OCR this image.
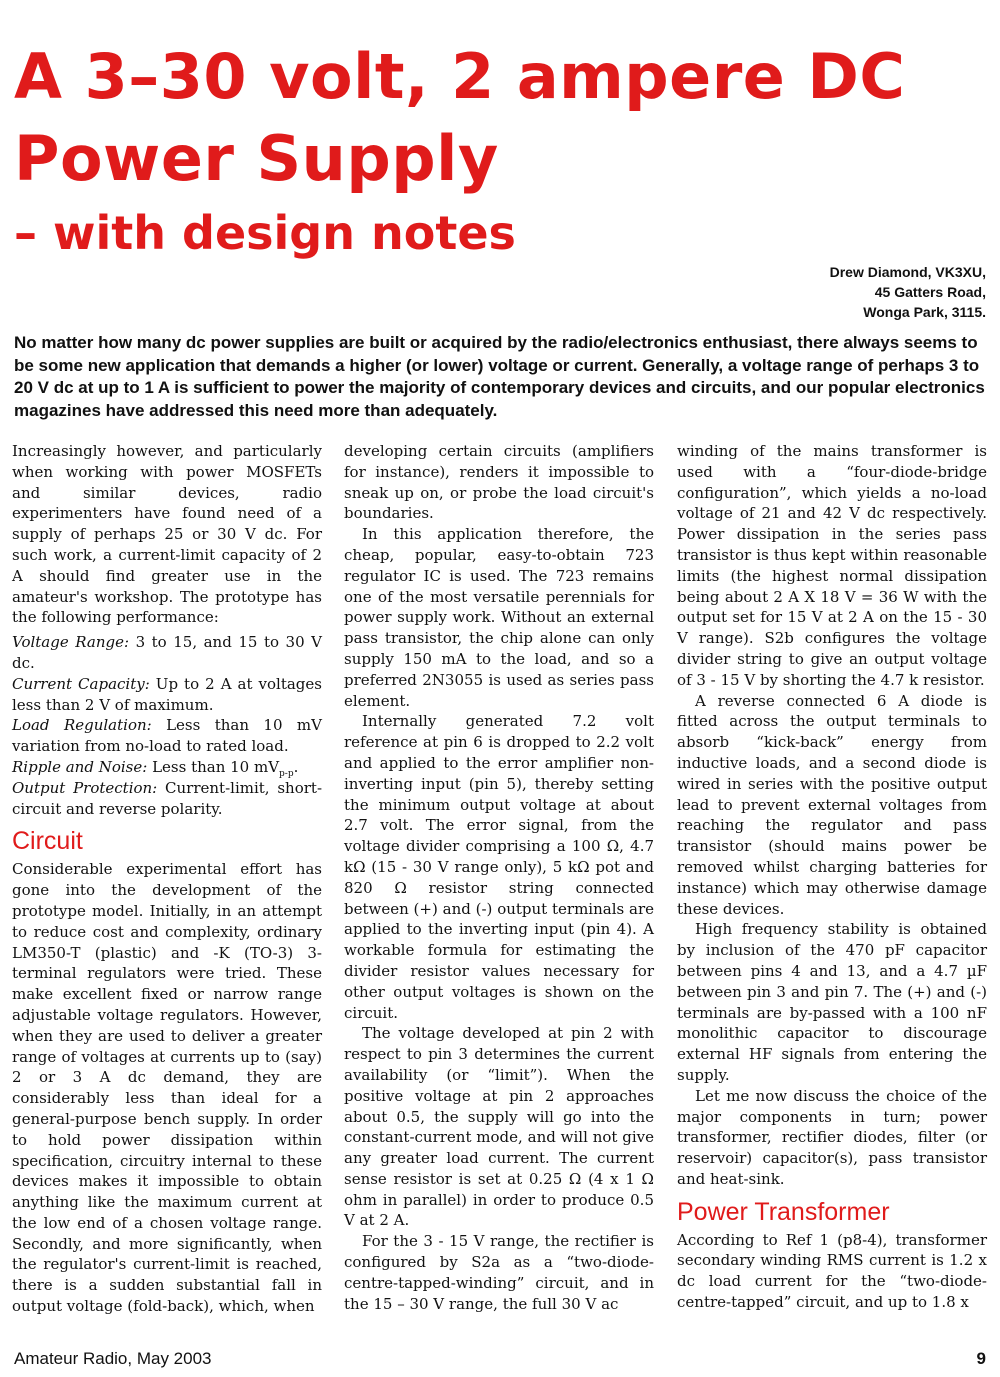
A 3–30 volt, 2 ampere DC Power Supply
– with design notes
Drew Diamond, VK3XU,
45 Gatters Road,
Wonga Park, 3115.

No matter how many dc power supplies are built or acquired by the radio/electronics enthusiast, there always seems to be some new application that demands a higher (or lower) voltage or current. Generally, a voltage range of perhaps 3 to 20 V dc at up to 1 A is sufficient to power the majority of contemporary devices and circuits, and our popular electronics magazines have addressed this need more than adequately.

Increasingly however, and particularly when working with power MOSFETs and similar devices, radio experimenters have found need of a supply of perhaps 25 or 30 V dc. For such work, a current-limit capacity of 2 A should find greater use in the amateur's workshop. The prototype has the following performance:

Voltage Range: 3 to 15, and 15 to 30 V dc.

Current Capacity: Up to 2 A at voltages less than 2 V of maximum.

Load Regulation: Less than 10 mV variation from no-load to rated load.

Ripple and Noise: Less than 10 $mV_{p-p}$.

Output Protection: Current-limit, short-circuit and reverse polarity.

Circuit

Considerable experimental effort has gone into the development of the prototype model. Initially, in an attempt to reduce cost and complexity, ordinary LM350-T (plastic) and -K (TO-3) 3-terminal regulators were tried. These make excellent fixed or narrow range adjustable voltage regulators. However, when they are used to deliver a greater range of voltages at currents up to (say) 2 or 3 A dc demand, they are considerably less than ideal for a general-purpose bench supply. In order to hold power dissipation within specification, circuitry internal to these devices makes it impossible to obtain anything like the maximum current at the low end of a chosen voltage range. Secondly, and more significantly, when the regulator's current-limit is reached, there is a sudden substantial fall in output voltage (fold-back), which, when

developing certain circuits (amplifiers for instance), renders it impossible to sneak up on, or probe the load circuit's boundaries.

In this application therefore, the cheap, popular, easy-to-obtain 723 regulator IC is used. The 723 remains one of the most versatile perennials for power supply work. Without an external pass transistor, the chip alone can only supply 150 mA to the load, and so a preferred 2N3055 is used as series pass element.

Internally generated 7.2 volt reference at pin 6 is dropped to 2.2 volt and applied to the error amplifier non-inverting input (pin 5), thereby setting the minimum output voltage at about 2.7 volt. The error signal, from the voltage divider comprising a 100 Ω, 4.7 kΩ (15 - 30 V range only), 5 kΩ pot and 820 Ω resistor string connected between (+) and (-) output terminals are applied to the inverting input (pin 4). A workable formula for estimating the divider resistor values necessary for other output voltages is shown on the circuit.

The voltage developed at pin 2 with respect to pin 3 determines the current availability (or “limit”). When the positive voltage at pin 2 approaches about 0.5, the supply will go into the constant-current mode, and will not give any greater load current. The current sense resistor is set at 0.25 Ω (4 x 1 Ω ohm in parallel) in order to produce 0.5 V at 2 A.

For the 3 - 15 V range, the rectifier is configured by S2a as a “two-diode-centre-tapped-winding” circuit, and in the 15 – 30 V range, the full 30 V ac

winding of the mains transformer is used with a “four-diode-bridge configuration”, which yields a no-load voltage of 21 and 42 V dc respectively. Power dissipation in the series pass transistor is thus kept within reasonable limits (the highest normal dissipation being about 2 A X 18 V = 36 W with the output set for 15 V at 2 A on the 15 - 30 V range). S2b configures the voltage divider string to give an output voltage of 3 - 15 V by shorting the 4.7 k resistor.

A reverse connected 6 A diode is fitted across the output terminals to absorb “kick-back” energy from inductive loads, and a second diode is wired in series with the positive output lead to prevent external voltages from reaching the regulator and pass transistor (should mains power be removed whilst charging batteries for instance) which may otherwise damage these devices.

High frequency stability is obtained by inclusion of the 470 pF capacitor between pins 4 and 13, and a 4.7 µF between pin 3 and pin 7. The (+) and (-) terminals are by-passed with a 100 nF monolithic capacitor to discourage external HF signals from entering the supply.

Let me now discuss the choice of the major components in turn; power transformer, rectifier diodes, filter (or reservoir) capacitor(s), pass transistor and heat-sink.

Power Transformer

According to Ref 1 (p8-4), transformer secondary winding RMS current is 1.2 x dc load current for the “two-diode-centre-tapped” circuit, and up to 1.8 x

Amateur Radio, May 2003	9
